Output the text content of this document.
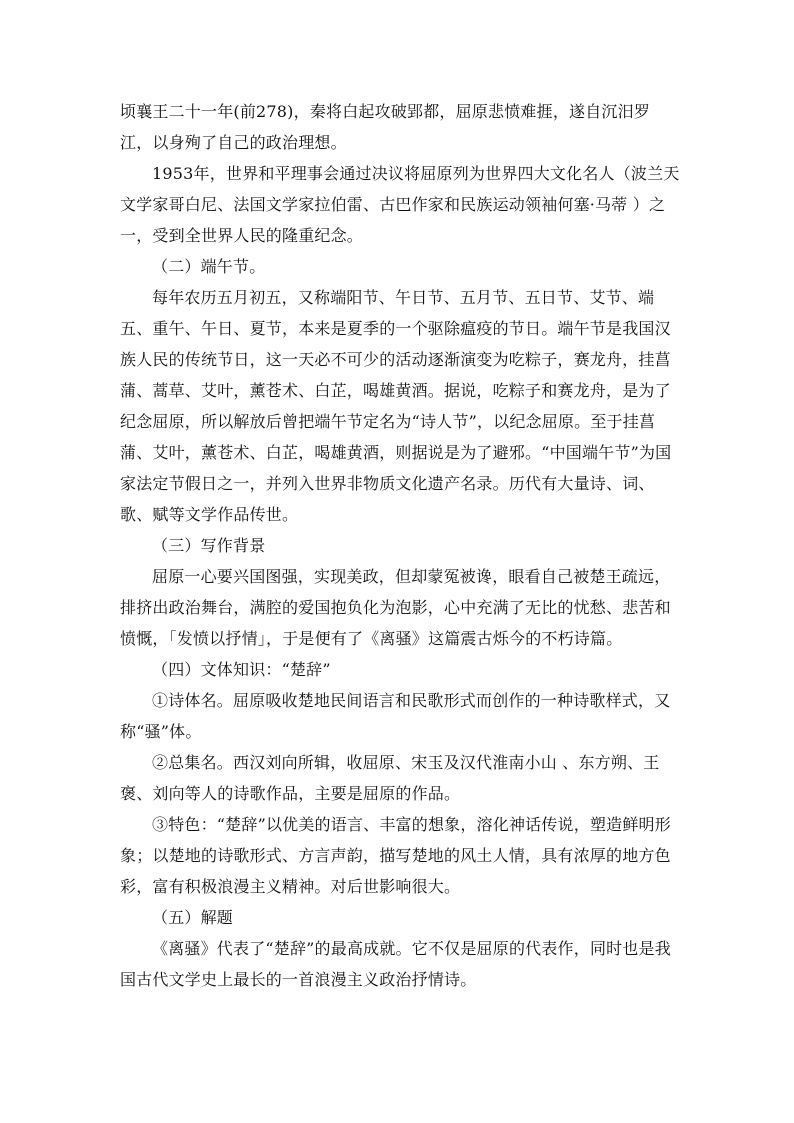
顷襄王二十一年(前278)，秦将白起攻破郢都，屈原悲愤难捱，遂自沉汨罗江，以身殉了自己的政治理想。

1953年，世界和平理事会通过决议将屈原列为世界四大文化名人（波兰天文学家哥白尼、法国文学家拉伯雷、古巴作家和民族运动领袖何塞·马蒂 ）之一，受到全世界人民的隆重纪念。

（二）端午节。

每年农历五月初五，又称端阳节、午日节、五月节、五日节、艾节、端五、重午、午日、夏节，本来是夏季的一个驱除瘟疫的节日。端午节是我国汉族人民的传统节日，这一天必不可少的活动逐渐演变为吃粽子，赛龙舟，挂菖蒲、蒿草、艾叶，薰苍术、白芷，喝雄黄酒。据说，吃粽子和赛龙舟，是为了纪念屈原，所以解放后曾把端午节定名为“诗人节”，以纪念屈原。至于挂菖蒲、艾叶，薰苍术、白芷，喝雄黄酒，则据说是为了避邪。“中国端午节”为国家法定节假日之一，并列入世界非物质文化遗产名录。历代有大量诗、词、歌、赋等文学作品传世。

（三）写作背景

屈原一心要兴国图强，实现美政，但却蒙冤被谗，眼看自己被楚王疏远，排挤出政治舞台，满腔的爱国抱负化为泡影，心中充满了无比的忧愁、悲苦和愤慨，「发愤以抒情」，于是便有了《离骚》这篇震古烁今的不朽诗篇。

（四）文体知识：“楚辞”

①诗体名。屈原吸收楚地民间语言和民歌形式而创作的一种诗歌样式，又称“骚”体。

②总集名。西汉刘向所辑，收屈原、宋玉及汉代淮南小山 、东方朔、王褒、刘向等人的诗歌作品，主要是屈原的作品。

③特色：“楚辞”以优美的语言、丰富的想象，溶化神话传说，塑造鲜明形象；以楚地的诗歌形式、方言声韵，描写楚地的风土人情，具有浓厚的地方色彩，富有积极浪漫主义精神。对后世影响很大。

（五）解题

《离骚》代表了“楚辞”的最高成就。它不仅是屈原的代表作，同时也是我国古代文学史上最长的一首浪漫主义政治抒情诗。
